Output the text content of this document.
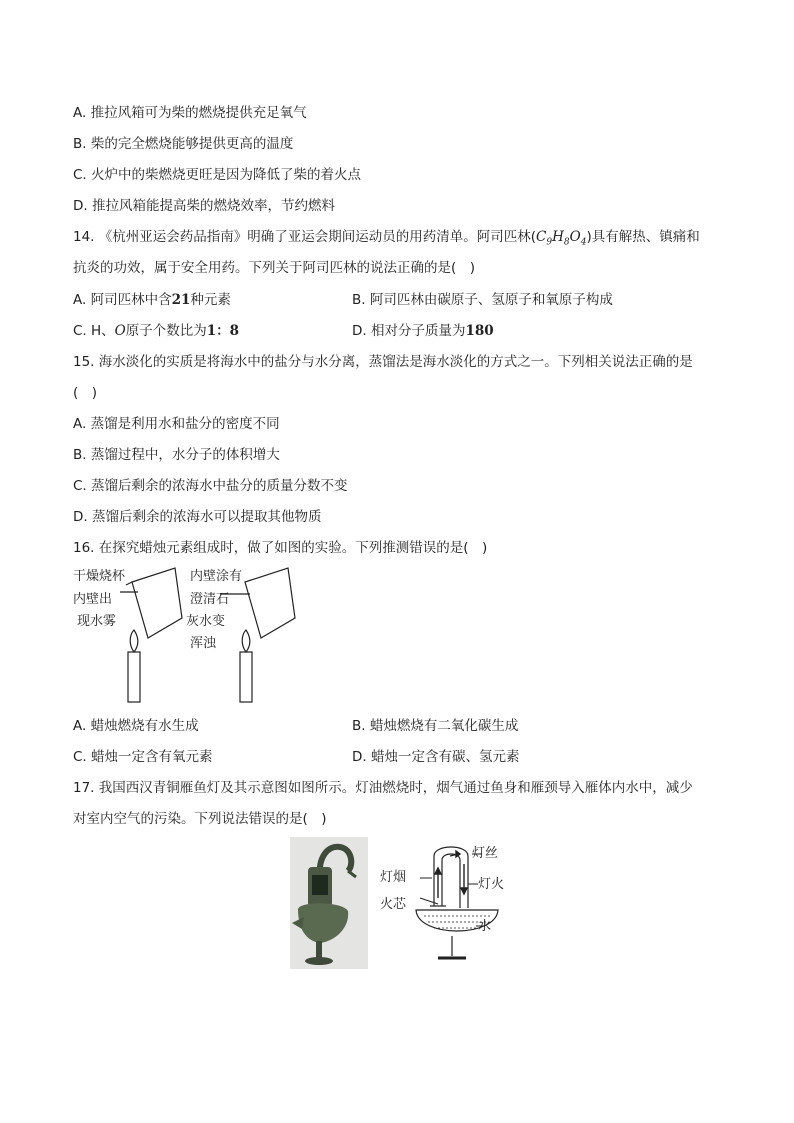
A. 推拉风箱可为柴的燃烧提供充足氧气
B. 柴的完全燃烧能够提供更高的温度
C. 火炉中的柴燃烧更旺是因为降低了柴的着火点
D. 推拉风箱能提高柴的燃烧效率，节约燃料
14. 《杭州亚运会药品指南》明确了亚运会期间运动员的用药清单。阿司匹林$(C_9H_8O_4)$具有解热、镇痛和
抗炎的功效，属于安全用药。下列关于阿司匹林的说法正确的是(　)
A. 阿司匹林中含21种元素	B. 阿司匹林由碳原子、氢原子和氧原子构成
C. H、O原子个数比为1：8	D. 相对分子质量为180
15. 海水淡化的实质是将海水中的盐分与水分离，蒸馏法是海水淡化的方式之一。下列相关说法正确的是
(　)
A. 蒸馏是利用水和盐分的密度不同
B. 蒸馏过程中，水分子的体积增大
C. 蒸馏后剩余的浓海水中盐分的质量分数不变
D. 蒸馏后剩余的浓海水可以提取其他物质
16. 在探究蜡烛元素组成时，做了如图的实验。下列推测错误的是(　)
干燥烧杯
内壁出
现水雾
内壁涂有
澄清石
灰水变
浑浊
A. 蜡烛燃烧有水生成	B. 蜡烛燃烧有二氧化碳生成
C. 蜡烛一定含有氧元素	D. 蜡烛一定含有碳、氢元素
17. 我国西汉青铜雁鱼灯及其示意图如图所示。灯油燃烧时，烟气通过鱼身和雁颈导入雁体内水中，减少
对室内空气的污染。下列说法错误的是(　)
灯丝
灯烟	灯火
火芯
水
